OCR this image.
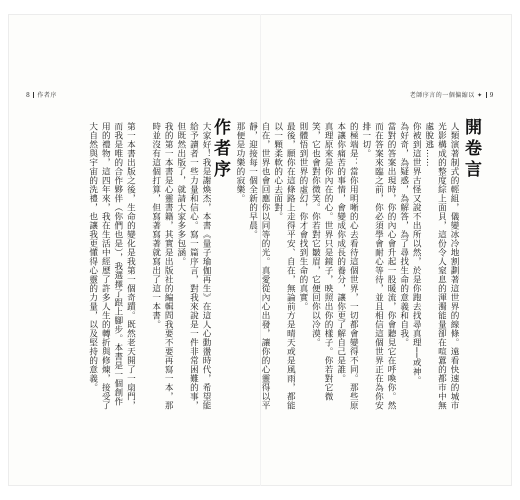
8 作者序
作者序

大家好！我是謝煥杰，本書《量子瑜伽再生》在這人心動盪時代，希望能給予讀者一些力量和信心。寫一篇序言，對我來說是一件非常困難的事，但既然出版了，就請大家多多包涵。

我的第一本書是心靈書籍，其實是出版社的編輯問我要不要再寫一本，那時並沒有這個打算，但寫著寫著就寫出了這一本書。

第一本書出版之後，生命的變化是我第一個奇蹟。既然老天開了一扇門，而我是唯的合作夥伴（你們也是），我選擇了跟上腳步。本書是一個創作用的禮物，這四年來，我在生活中經歷了許多人生的轉折與修煉，接受了大自然與宇宙的洗禮，也讓我更懂得心靈的力量，以及堅持的意義。

老師序言的一個偏縮以 ✦ 9
開卷言

人類演著制式的輕組，儀變冰冷地割劃著這世界的線條。遠看快速的城市光影構成的整度綜上面貝，這份令人窒息的渾濁能量卻在喧囂的都市中無處脫逃……

你被到這世界古怪又說不出所以然，於是你跑去找尋真理──或神。

為好奇，為疑惑，為解答，為了尋找生命的意義和自我。

當對的答案出現時，你的內心會升起一股暖流，你會聽見它在呼喚你。然而在答案來臨之前，你必須學會耐心等待，並且相信這個世界正在為你安排一切。

的極端是：當你用明晰的心去看待這個世界，一切都會變得不同。那些原本讓你痛苦的事情，會變成你成長的養分，讓你更了解自己是誰。

真理原來是你內在的心。世界只是鏡子，映照出你的樣子。你若對它微笑，它也會對你微笑。你若對它皺眉，它便回你以冷漠。

則體悟到世界的虛幻，你才會找到生命的真實。

最後，願你在這條路上走得平安、自在，無論前方是晴天或是風雨，都能以一顆柔軟的心去面對。

自在，世界也會回應你以同等的光。真愛從內心出發，讓你的心靈得以平靜，迎接每一個全新的早晨。

那便是功樂的寂樂。
